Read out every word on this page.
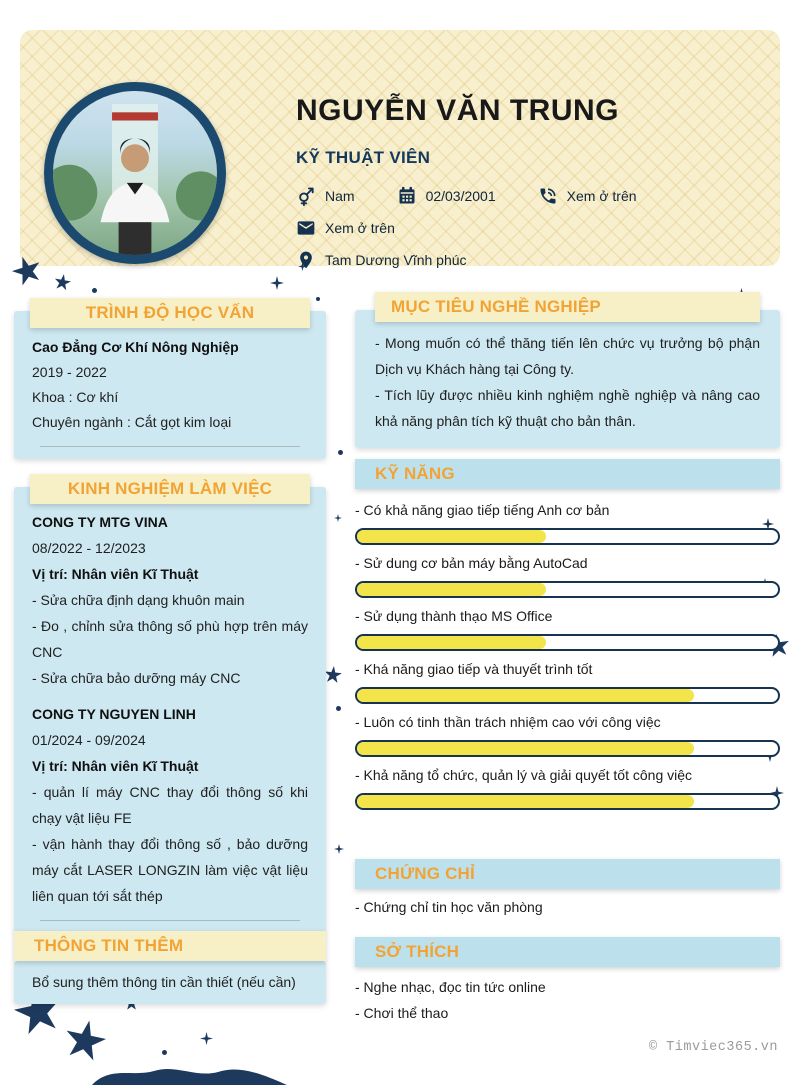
NGUYỄN VĂN TRUNG
KỸ THUẬT VIÊN
Nam	02/03/2001	Xem ở trên
Xem ở trên
Tam Dương Vĩnh phúc
TRÌNH ĐỘ HỌC VẤN

Cao Đẳng Cơ Khí Nông Nghiệp

2019 - 2022

Khoa : Cơ khí

Chuyên ngành : Cắt gọt kim loại

KINH NGHIỆM LÀM VIỆC

CONG TY MTG VINA

08/2022 - 12/2023

Vị trí: Nhân viên Kĩ Thuật

- Sửa chữa định dạng khuôn main

- Đo , chỉnh sửa thông số phù hợp trên máy CNC

- Sửa chữa bảo dưỡng máy CNC

CONG TY NGUYEN LINH

01/2024 - 09/2024

Vị trí: Nhân viên Kĩ Thuật

- quản lí máy CNC thay đổi thông số khi chạy vật liệu FE

- vận hành thay đổi thông số , bảo dưỡng máy cắt LASER LONGZIN làm việc vật liệu liên quan tới sắt thép

THÔNG TIN THÊM

Bổ sung thêm thông tin cần thiết (nếu cần)

MỤC TIÊU NGHỀ NGHIỆP

- Mong muốn có thể thăng tiến lên chức vụ trưởng bộ phận Dịch vụ Khách hàng tại Công ty.

- Tích lũy được nhiều kinh nghiệm nghề nghiệp và nâng cao khả năng phân tích kỹ thuật cho bản thân.

KỸ NĂNG
- Có khả năng giao tiếp tiếng Anh cơ bản
- Sử dung cơ bản máy bằng AutoCad
- Sử dụng thành thạo MS Office
- Khá năng giao tiếp và thuyết trình tốt
- Luôn có tinh thần trách nhiệm cao với công việc
- Khả năng tổ chức, quản lý và giải quyết tốt công việc
CHỨNG CHỈ

- Chứng chỉ tin học văn phòng

SỞ THÍCH

- Nghe nhạc, đọc tin tức online

- Chơi thể thao

© Timviec365.vn
